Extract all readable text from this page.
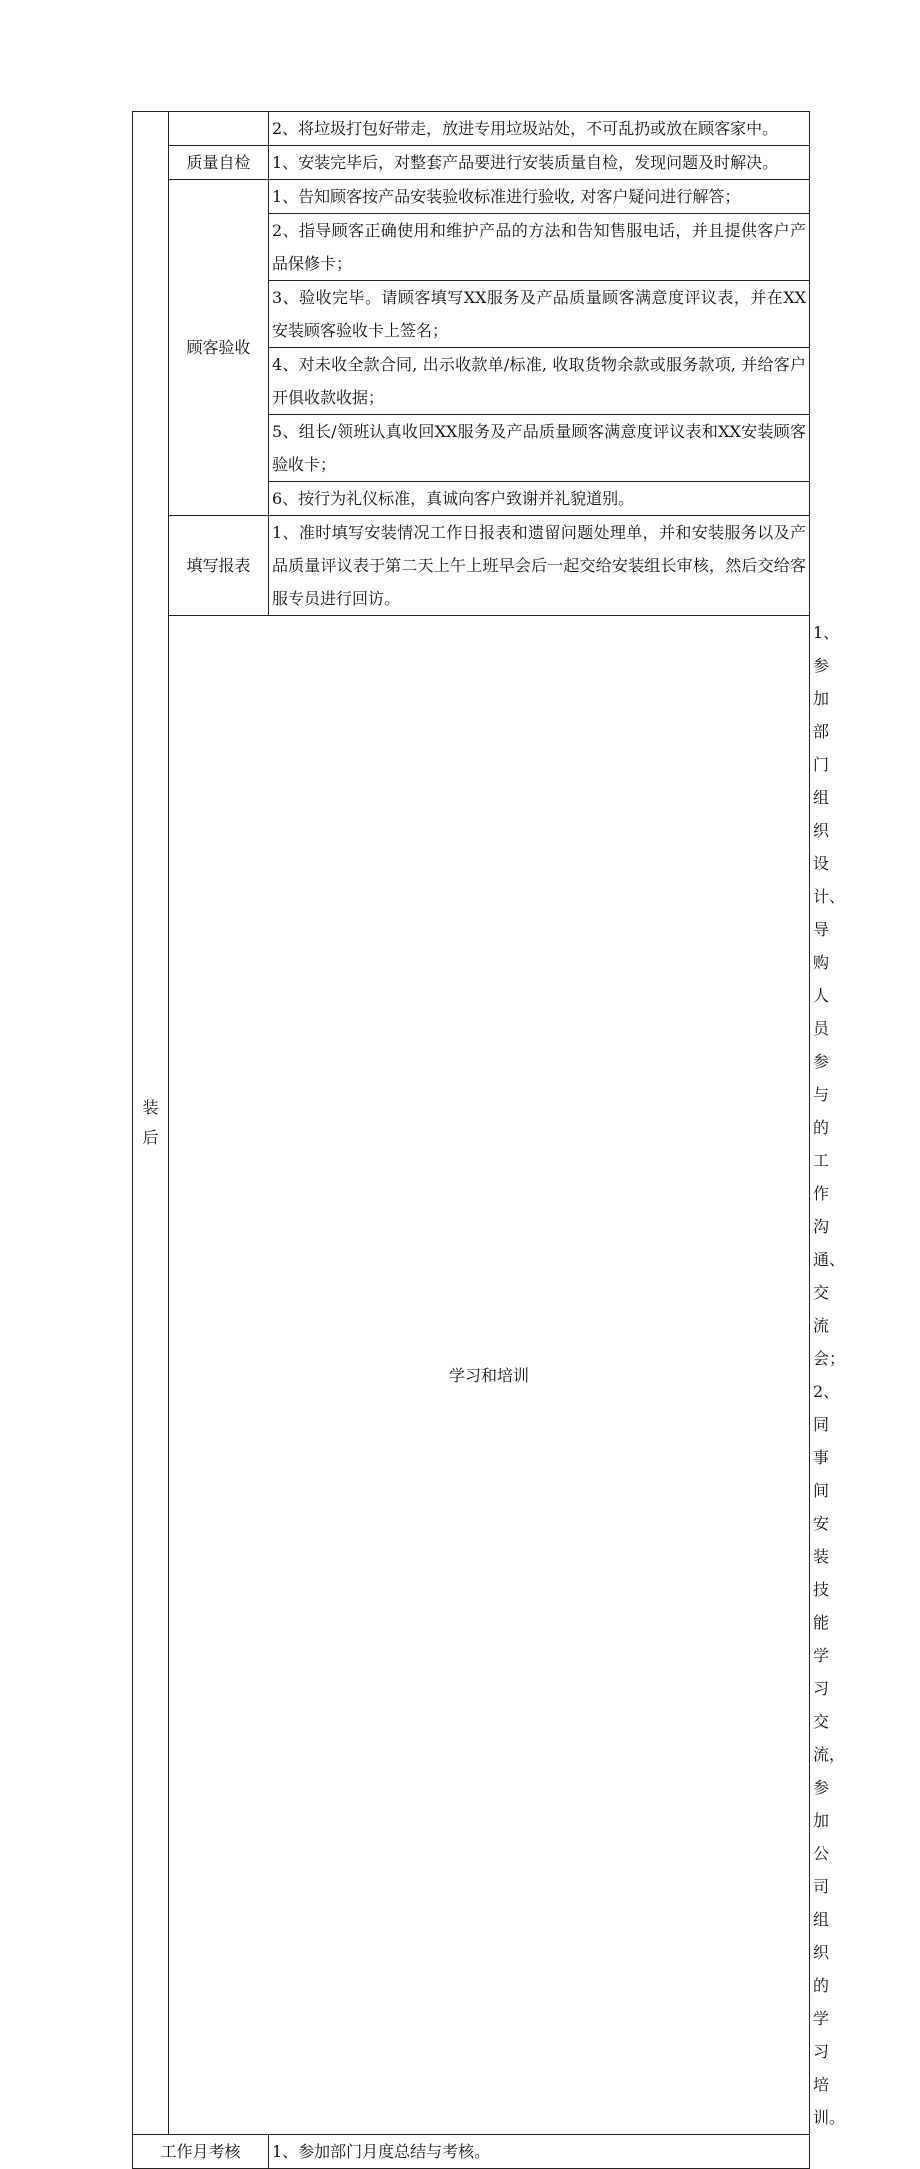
装
后		2、将垃圾打包好带走，放进专用垃圾站处，不可乱扔或放在顾客家中。	
	质量自检	1、安装完毕后，对整套产品要进行安装质量自检，发现问题及时解决。	
	顾客验收	1、告知顾客按产品安装验收标准进行验收, 对客户疑问进行解答；	
		2、指导顾客正确使用和维护产品的方法和告知售服电话，并且提供客户产品保修卡；	
		3、验收完毕。请顾客填写XX服务及产品质量顾客满意度评议表，并在XX安装顾客验收卡上签名；	
		4、对未收全款合同, 出示收款单/标准, 收取货物余款或服务款项, 并给客户开俱收款收据；	
		5、组长/领班认真收回XX服务及产品质量顾客满意度评议表和XX安装顾客验收卡；	
		6、按行为礼仪标准，真诚向客户致谢并礼貌道别。	
	填写报表	1、准时填写安装情况工作日报表和遗留问题处理单，并和安装服务以及产品质量评议表于第二天上午上班早会后一起交给安装组长审核，然后交给客服专员进行回访。	
	学习和培训		1、参加部门组织设计、导购人员参与的工作沟通、交流会；
2、同事间安装技能学习交流，参加公司组织的学习培训。

工作月考核		1、参加部门月度总结与考核。	
